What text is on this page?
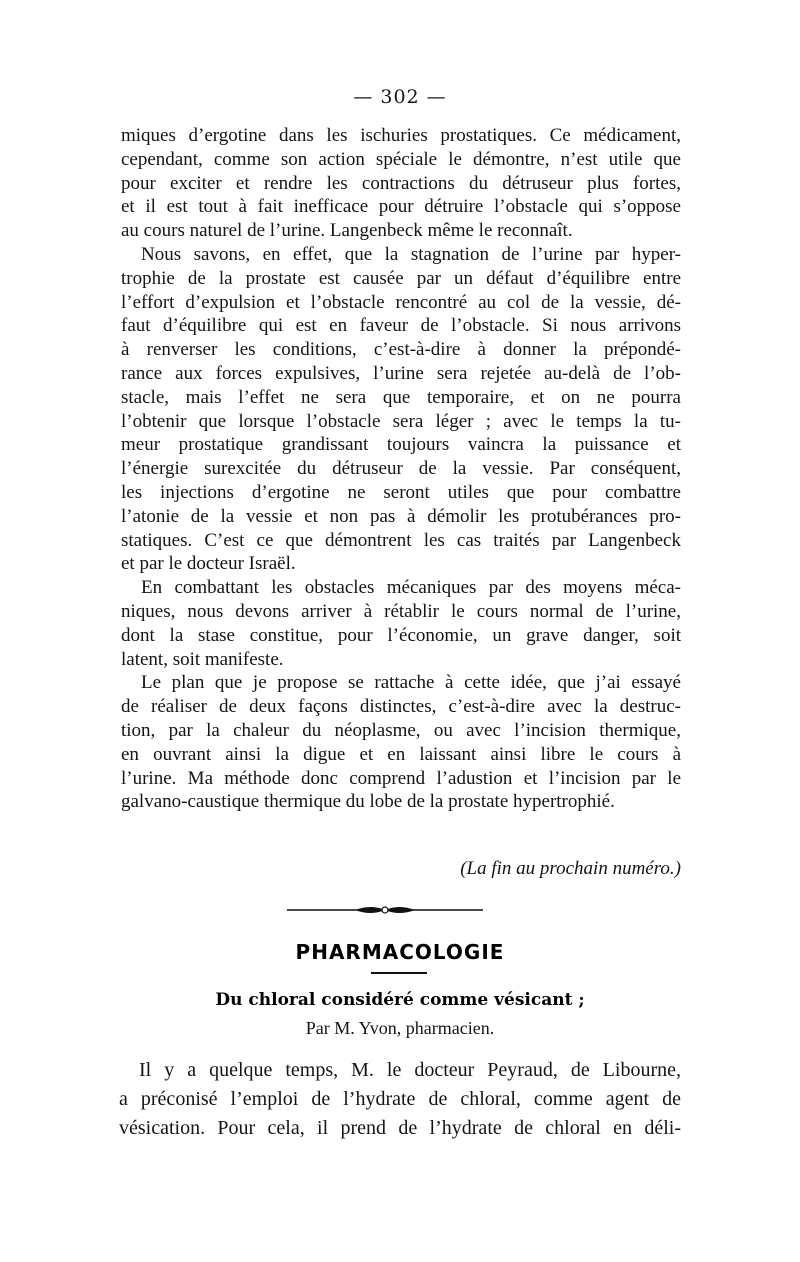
— 302 —
miques d’ergotine dans les ischuries prostatiques. Ce médicament,
cependant, comme son action spéciale le démontre, n’est utile que
pour exciter et rendre les contractions du détruseur plus fortes,
et il est tout à fait inefficace pour détruire l’obstacle qui s’oppose
au cours naturel de l’urine. Langenbeck même le reconnaît.
Nous savons, en effet, que la stagnation de l’urine par hyper-
trophie de la prostate est causée par un défaut d’équilibre entre
l’effort d’expulsion et l’obstacle rencontré au col de la vessie, dé-
faut d’équilibre qui est en faveur de l’obstacle. Si nous arrivons
à renverser les conditions, c’est-à-dire à donner la prépondé-
rance aux forces expulsives, l’urine sera rejetée au-delà de l’ob-
stacle, mais l’effet ne sera que temporaire, et on ne pourra
l’obtenir que lorsque l’obstacle sera léger ; avec le temps la tu-
meur prostatique grandissant toujours vaincra la puissance et
l’énergie surexcitée du détruseur de la vessie. Par conséquent,
les injections d’ergotine ne seront utiles que pour combattre
l’atonie de la vessie et non pas à démolir les protubérances pro-
statiques. C’est ce que démontrent les cas traités par Langenbeck
et par le docteur Israël.
En combattant les obstacles mécaniques par des moyens méca-
niques, nous devons arriver à rétablir le cours normal de l’urine,
dont la stase constitue, pour l’économie, un grave danger, soit
latent, soit manifeste.
Le plan que je propose se rattache à cette idée, que j’ai essayé
de réaliser de deux façons distinctes, c’est-à-dire avec la destruc-
tion, par la chaleur du néoplasme, ou avec l’incision thermique,
en ouvrant ainsi la digue et en laissant ainsi libre le cours à
l’urine. Ma méthode donc comprend l’adustion et l’incision par le
galvano-caustique thermique du lobe de la prostate hypertrophié.
(La fin au prochain numéro.)
PHARMACOLOGIE
Du chloral considéré comme vésicant ;
Par M. Yvon, pharmacien.
Il y a quelque temps, M. le docteur Peyraud, de Libourne,
a préconisé l’emploi de l’hydrate de chloral, comme agent de
vésication. Pour cela, il prend de l’hydrate de chloral en déli-
